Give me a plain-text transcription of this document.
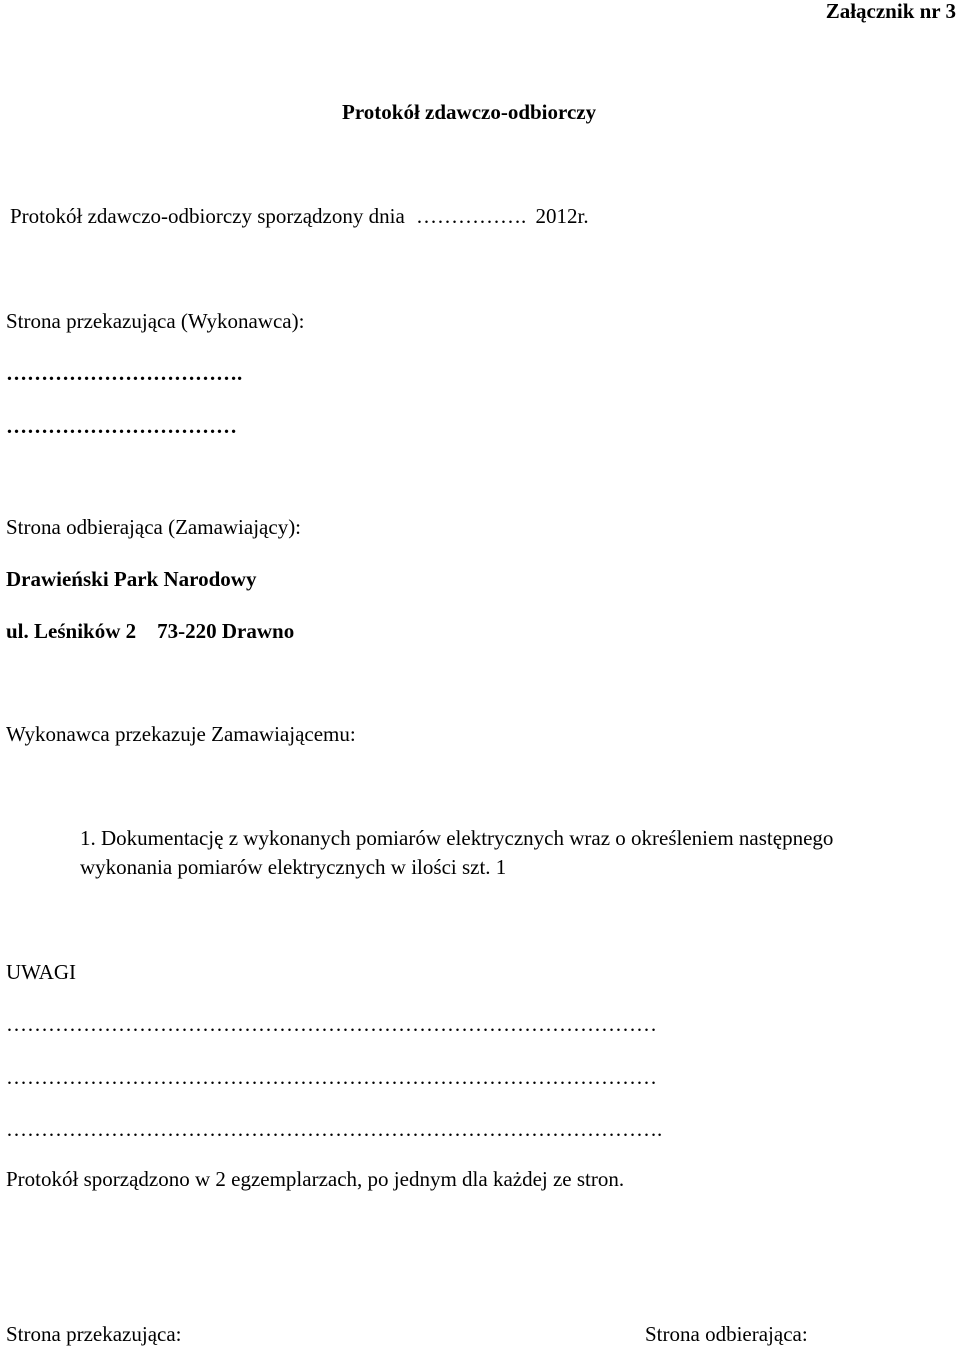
Załącznik nr 3
Protokół zdawczo-odbiorczy
Protokół zdawczo-odbiorczy sporządzony dnia ……………. 2012r.
Strona przekazująca (Wykonawca):
…………………………….
……………………………
Strona odbierająca (Zamawiający):
Drawieński Park Narodowy
ul. Leśników 2    73-220 Drawno
Wykonawca przekazuje Zamawiającemu:
1. Dokumentację z wykonanych pomiarów elektrycznych wraz o określeniem następnego
wykonania pomiarów elektrycznych w ilości szt. 1
UWAGI
…………………………………………………………………………………
…………………………………………………………………………………
………………………………………………………………………………….
Protokół sporządzono w 2 egzemplarzach, po jednym dla każdej ze stron.
Strona przekazująca:	Strona odbierająca:
